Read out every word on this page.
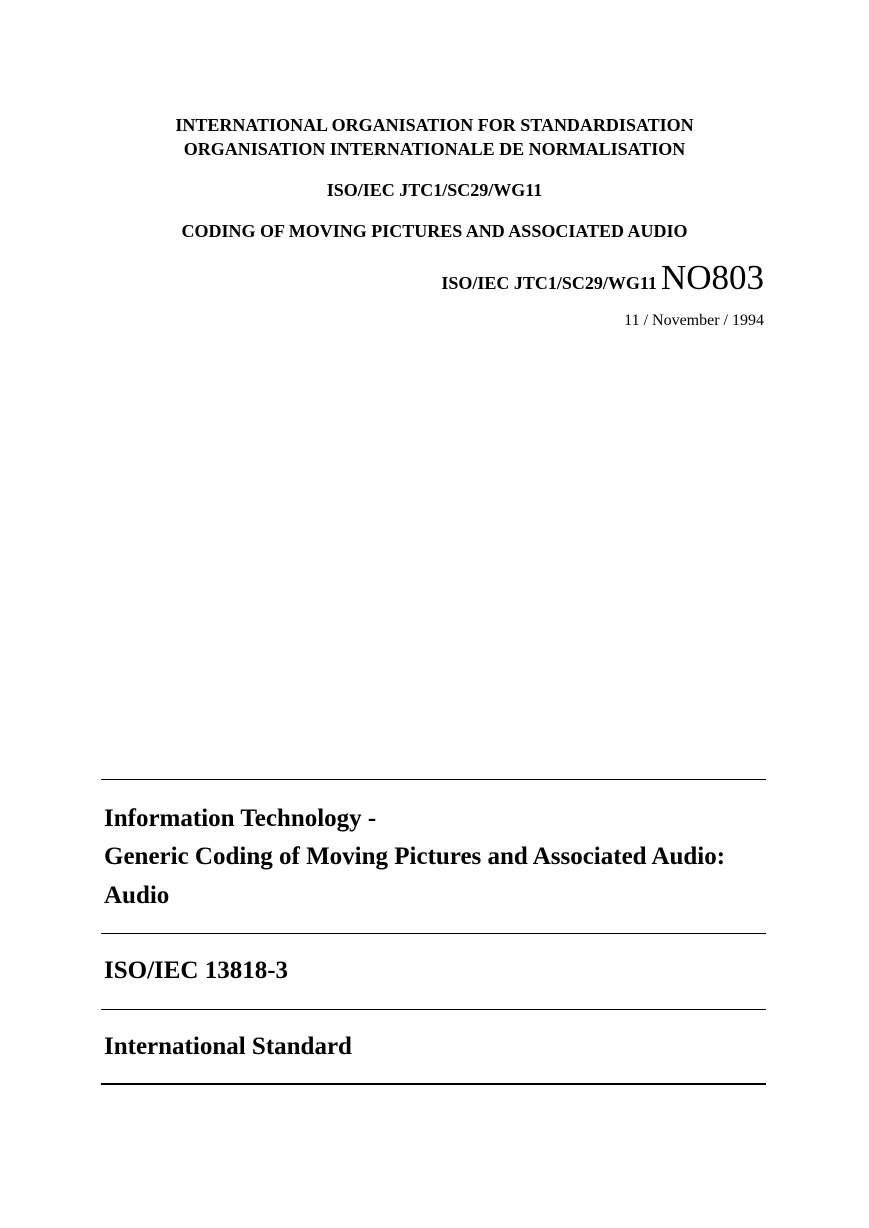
INTERNATIONAL ORGANISATION FOR STANDARDISATION
ORGANISATION INTERNATIONALE DE NORMALISATION
ISO/IEC JTC1/SC29/WG11
CODING OF MOVING PICTURES AND ASSOCIATED AUDIO
ISO/IEC JTC1/SC29/WG11 NO803
11 / November / 1994
Information Technology -
Generic Coding of Moving Pictures and Associated Audio:
Audio
ISO/IEC 13818-3
International Standard
